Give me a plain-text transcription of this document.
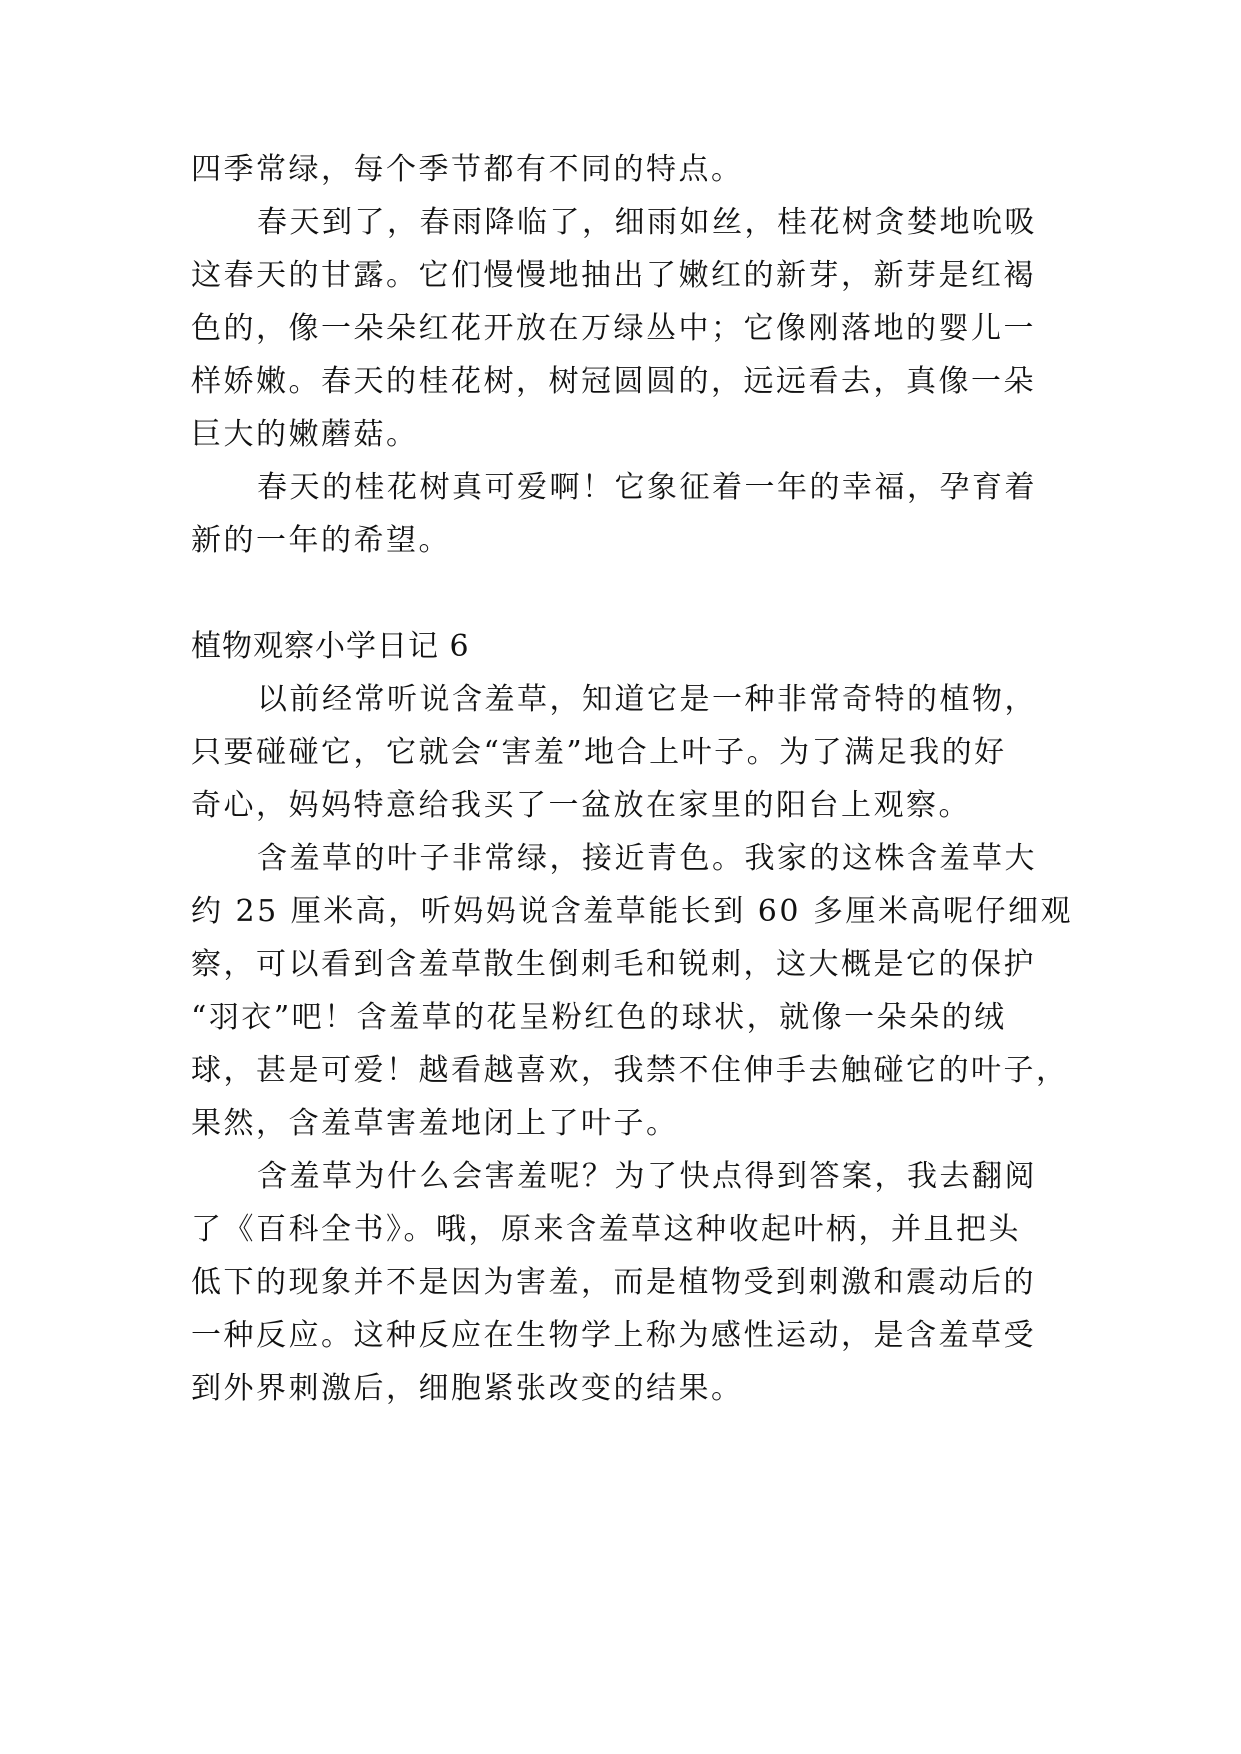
四季常绿，每个季节都有不同的特点。
春天到了，春雨降临了，细雨如丝，桂花树贪婪地吮吸
这春天的甘露。它们慢慢地抽出了嫩红的新芽，新芽是红褐
色的，像一朵朵红花开放在万绿丛中；它像刚落地的婴儿一
样娇嫩。春天的桂花树，树冠圆圆的，远远看去，真像一朵
巨大的嫩蘑菇。
春天的桂花树真可爱啊！它象征着一年的幸福，孕育着
新的一年的希望。
植物观察小学日记 6
以前经常听说含羞草，知道它是一种非常奇特的植物，
只要碰碰它，它就会“害羞”地合上叶子。为了满足我的好
奇心，妈妈特意给我买了一盆放在家里的阳台上观察。
含羞草的叶子非常绿，接近青色。我家的这株含羞草大
约 25 厘米高，听妈妈说含羞草能长到 60 多厘米高呢仔细观
察，可以看到含羞草散生倒刺毛和锐刺，这大概是它的保护
“羽衣”吧！含羞草的花呈粉红色的球状，就像一朵朵的绒
球，甚是可爱！越看越喜欢，我禁不住伸手去触碰它的叶子，
果然，含羞草害羞地闭上了叶子。
含羞草为什么会害羞呢？为了快点得到答案，我去翻阅
了《百科全书》。哦，原来含羞草这种收起叶柄，并且把头
低下的现象并不是因为害羞，而是植物受到刺激和震动后的
一种反应。这种反应在生物学上称为感性运动，是含羞草受
到外界刺激后，细胞紧张改变的结果。
